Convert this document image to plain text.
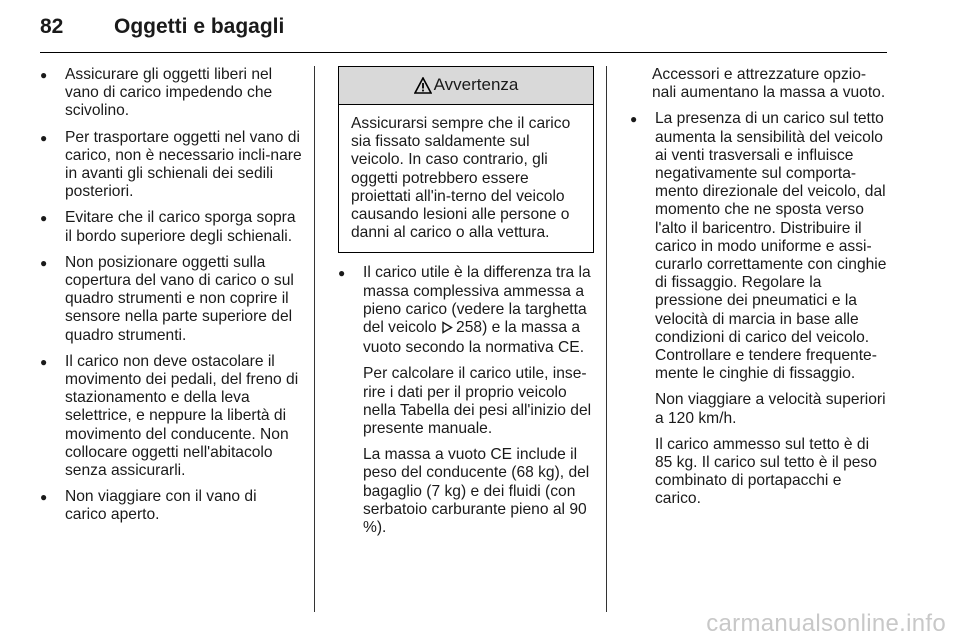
82 Oggetti e bagagli
● Assicurare gli oggetti liberi nel vano di carico impedendo che scivolino.
● Per trasportare oggetti nel vano di carico, non è necessario incli-nare in avanti gli schienali dei sedili posteriori.
● Evitare che il carico sporga sopra il bordo superiore degli schienali.
● Non posizionare oggetti sulla copertura del vano di carico o sul quadro strumenti e non coprire il sensore nella parte superiore del quadro strumenti.
● Il carico non deve ostacolare il movimento dei pedali, del freno di stazionamento e della leva selettrice, e neppure la libertà di movimento del conducente. Non collocare oggetti nell'abitacolo senza assicurarli.
● Non viaggiare con il vano di carico aperto.
Avvertenza
Assicurarsi sempre che il carico sia fissato saldamente sul veicolo. In caso contrario, gli oggetti potrebbero essere proiettati all'in-terno del veicolo causando lesioni alle persone o danni al carico o alla vettura.
● Il carico utile è la differenza tra la massa complessiva ammessa a pieno carico (vedere la targhetta del veicolo 258) e la massa a vuoto secondo la normativa CE.
Per calcolare il carico utile, inse-rire i dati per il proprio veicolo nella Tabella dei pesi all'inizio del presente manuale.
La massa a vuoto CE include il peso del conducente (68 kg), del bagaglio (7 kg) e dei fluidi (con serbatoio carburante pieno al 90 %).
Accessori e attrezzature opzio-nali aumentano la massa a vuoto.
● La presenza di un carico sul tetto aumenta la sensibilità del veicolo ai venti trasversali e influisce negativamente sul comporta-mento direzionale del veicolo, dal momento che ne sposta verso l'alto il baricentro. Distribuire il carico in modo uniforme e assi-curarlo correttamente con cinghie di fissaggio. Regolare la pressione dei pneumatici e la velocità di marcia in base alle condizioni di carico del veicolo. Controllare e tendere frequente-mente le cinghie di fissaggio.
Non viaggiare a velocità superiori a 120 km/h.
Il carico ammesso sul tetto è di 85 kg. Il carico sul tetto è il peso combinato di portapacchi e carico.
carmanualsonline.info
